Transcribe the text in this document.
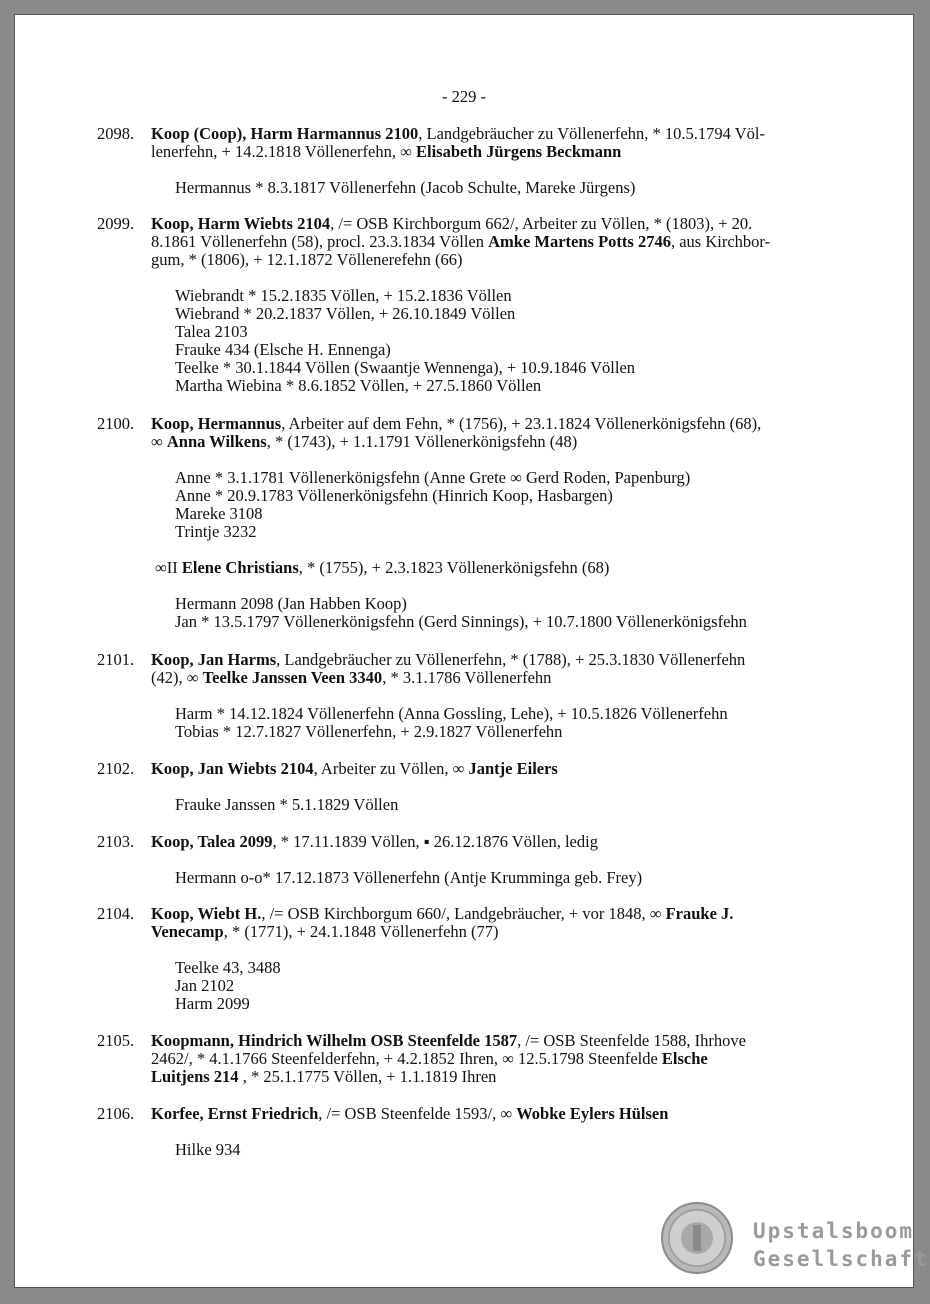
- 229 -
2098. Koop (Coop), Harm Harmannus 2100, Landgebräucher zu Völlenerfehn, * 10.5.1794 Völ-
lenerfehn, + 14.2.1818 Völlenerfehn, ∞ Elisabeth Jürgens Beckmann
Hermannus * 8.3.1817 Völlenerfehn (Jacob Schulte, Mareke Jürgens)
2099. Koop, Harm Wiebts 2104, /= OSB Kirchborgum 662/, Arbeiter zu Völlen, * (1803), + 20.
8.1861 Völlenerfehn (58), procl. 23.3.1834 Völlen Amke Martens Potts 2746, aus Kirchbor-
gum, * (1806), + 12.1.1872 Völlenerefehn (66)
Wiebrandt * 15.2.1835 Völlen, + 15.2.1836 Völlen
Wiebrand * 20.2.1837 Völlen, + 26.10.1849 Völlen
Talea 2103
Frauke 434 (Elsche H. Ennenga)
Teelke * 30.1.1844 Völlen (Swaantje Wennenga), + 10.9.1846 Völlen
Martha Wiebina * 8.6.1852 Völlen, + 27.5.1860 Völlen
2100. Koop, Hermannus, Arbeiter auf dem Fehn, * (1756), + 23.1.1824 Völlenerkönigsfehn (68),
∞ Anna Wilkens, * (1743), + 1.1.1791 Völlenerkönigsfehn (48)
Anne * 3.1.1781 Völlenerkönigsfehn (Anne Grete ∞ Gerd Roden, Papenburg)
Anne * 20.9.1783 Völlenerkönigsfehn (Hinrich Koop, Hasbargen)
Mareke 3108
Trintje 3232
∞II Elene Christians, * (1755), + 2.3.1823 Völlenerkönigsfehn (68)
Hermann 2098 (Jan Habben Koop)
Jan * 13.5.1797 Völlenerkönigsfehn (Gerd Sinnings), + 10.7.1800 Völlenerkönigsfehn
2101. Koop, Jan Harms, Landgebräucher zu Völlenerfehn, * (1788), + 25.3.1830 Völlenerfehn
(42), ∞ Teelke Janssen Veen 3340, * 3.1.1786 Völlenerfehn
Harm * 14.12.1824 Völlenerfehn (Anna Gossling, Lehe), + 10.5.1826 Völlenerfehn
Tobias * 12.7.1827 Völlenerfehn, + 2.9.1827 Völlenerfehn
2102. Koop, Jan Wiebts 2104, Arbeiter zu Völlen, ∞ Jantje Eilers
Frauke Janssen * 5.1.1829 Völlen
2103. Koop, Talea 2099, * 17.11.1839 Völlen, ▪ 26.12.1876 Völlen, ledig
Hermann o-o* 17.12.1873 Völlenerfehn (Antje Krumminga geb. Frey)
2104. Koop, Wiebt H., /= OSB Kirchborgum 660/, Landgebräucher, + vor 1848, ∞ Frauke J.
Venecamp, * (1771), + 24.1.1848 Völlenerfehn (77)
Teelke 43, 3488
Jan 2102
Harm 2099
2105. Koopmann, Hindrich Wilhelm OSB Steenfelde 1587, /= OSB Steenfelde 1588, Ihrhove
2462/, * 4.1.1766 Steenfelderfehn, + 4.2.1852 Ihren, ∞ 12.5.1798 Steenfelde Elsche
Luitjens 214 , * 25.1.1775 Völlen, + 1.1.1819 Ihren
2106. Korfee, Ernst Friedrich, /= OSB Steenfelde 1593/, ∞ Wobke Eylers Hülsen
Hilke 934
Upstalsboom
Gesellschaft
